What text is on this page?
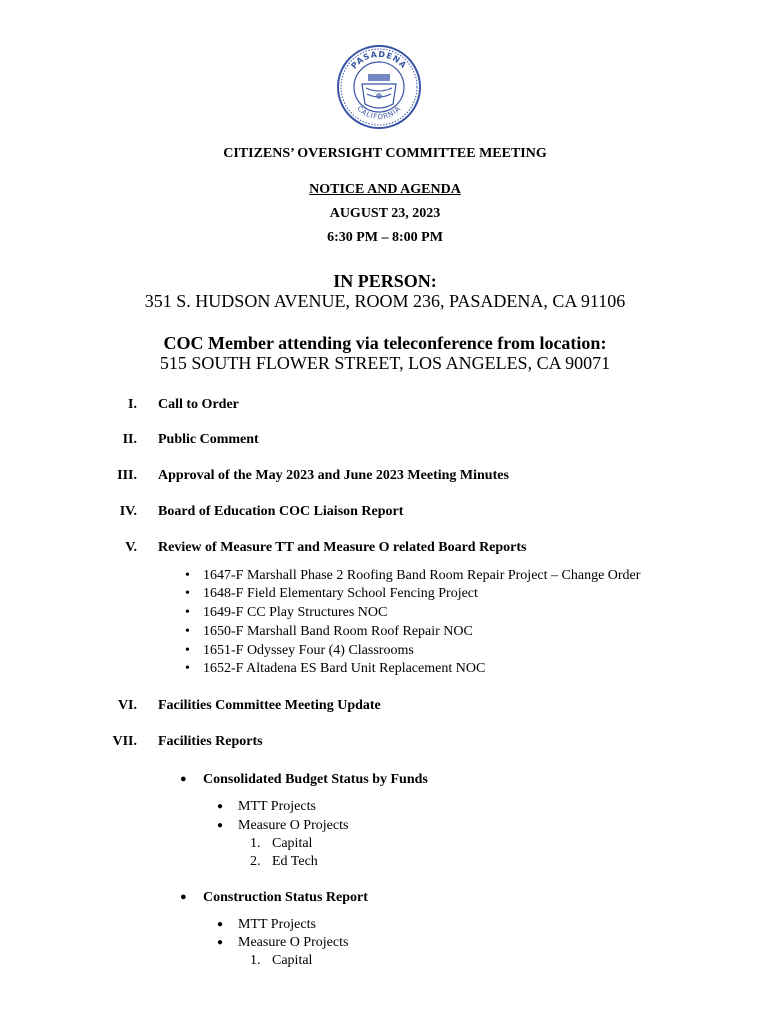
PASADENA
CALIFORNIA
CITIZENS’ OVERSIGHT COMMITTEE MEETING
NOTICE AND AGENDA
AUGUST 23, 2023
6:30 PM – 8:00 PM
IN PERSON:
351 S. HUDSON AVENUE, ROOM 236, PASADENA, CA 91106
COC Member attending via teleconference from location:
515 SOUTH FLOWER STREET, LOS ANGELES, CA 90071
I. Call to Order
II. Public Comment
III. Approval of the May 2023 and June 2023 Meeting Minutes
IV. Board of Education COC Liaison Report
V. Review of Measure TT and Measure O related Board Reports
• 1647-F Marshall Phase 2 Roofing Band Room Repair Project – Change Order
• 1648-F Field Elementary School Fencing Project
• 1649-F CC Play Structures NOC
• 1650-F Marshall Band Room Roof Repair NOC
• 1651-F Odyssey Four (4) Classrooms
• 1652-F Altadena ES Bard Unit Replacement NOC
VI. Facilities Committee Meeting Update
VII. Facilities Reports
● Consolidated Budget Status by Funds
● MTT Projects
● Measure O Projects
1. Capital
2. Ed Tech
● Construction Status Report
● MTT Projects
● Measure O Projects
1. Capital
